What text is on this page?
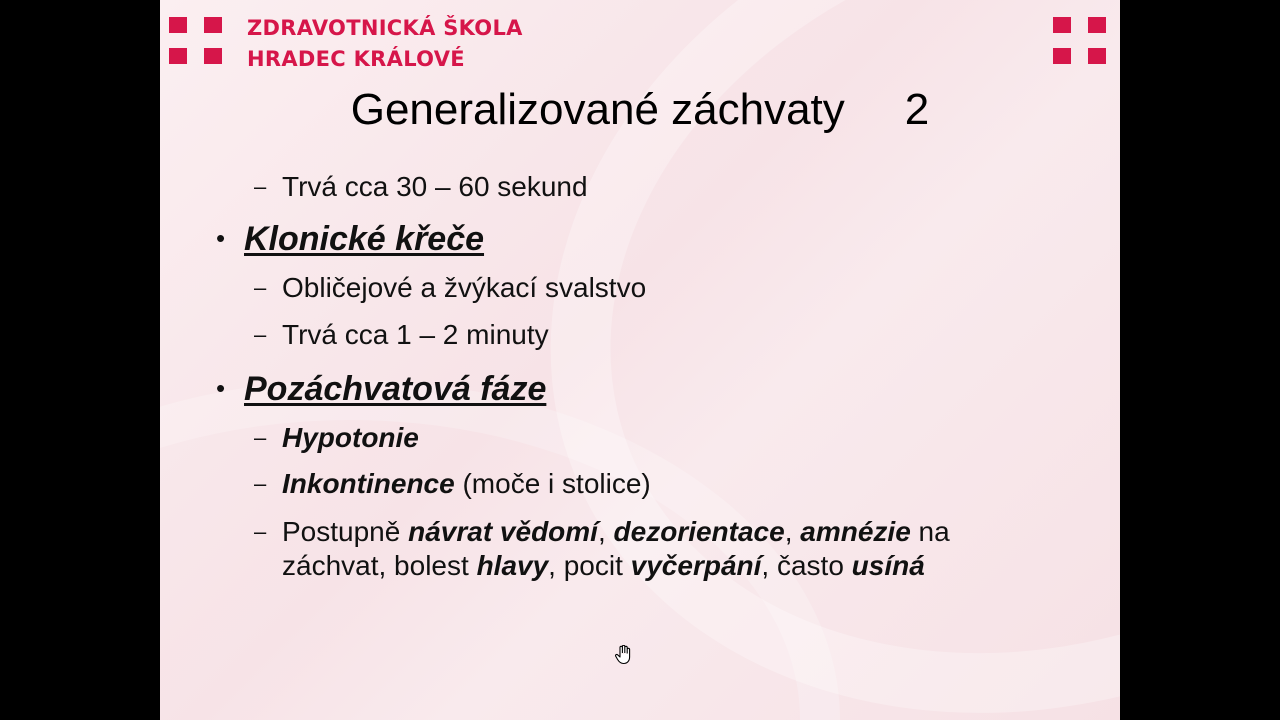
ZDRAVOTNICKÁ ŠKOLA
HRADEC KRÁLOVÉ
Generalizované záchvaty 2
– Trvá cca 30 – 60 sekund
• Klonické křeče
– Obličejové a žvýkací svalstvo
– Trvá cca 1 – 2 minuty
• Pozáchvatová fáze
– Hypotonie
– Inkontinence (moče i stolice)
– Postupně návrat vědomí, dezorientace, amnézie na záchvat, bolest hlavy, pocit vyčerpání, často usíná
